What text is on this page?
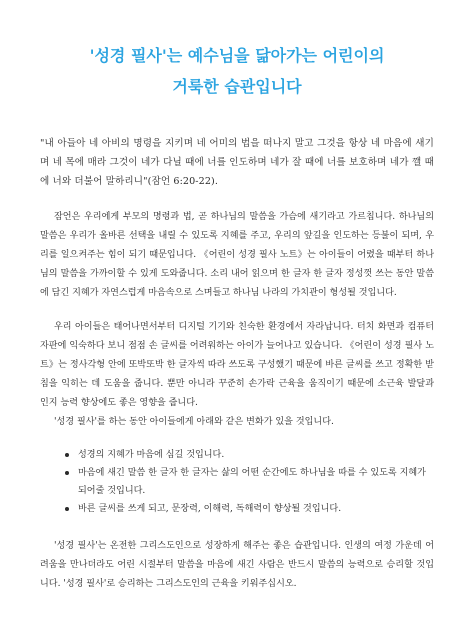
'성경 필사'는 예수님을 닮아가는 어린이의
거룩한 습관입니다
"내 아들아 네 아비의 명령을 지키며 네 어미의 법을 떠나지 말고 그것을 항상 네 마음에 새기며 네 목에 매라 그것이 네가 다닐 때에 너를 인도하며 네가 잘 때에 너를 보호하며 네가 깰 때에 너와 더불어 말하리니"(잠언 6:20-22).
잠언은 우리에게 부모의 명령과 법, 곧 하나님의 말씀을 가슴에 새기라고 가르칩니다. 하나님의 말씀은 우리가 올바른 선택을 내릴 수 있도록 지혜를 주고, 우리의 앞길을 인도하는 등불이 되며, 우리를 일으켜주는 힘이 되기 때문입니다. 《어린이 성경 필사 노트》는 아이들이 어렸을 때부터 하나님의 말씀을 가까이할 수 있게 도와줍니다. 소리 내어 읽으며 한 글자 한 글자 정성껏 쓰는 동안 말씀에 담긴 지혜가 자연스럽게 마음속으로 스며들고 하나님 나라의 가치관이 형성될 것입니다.
우리 아이들은 태어나면서부터 디지털 기기와 친숙한 환경에서 자라납니다. 터치 화면과 컴퓨터 자판에 익숙하다 보니 점점 손 글씨를 어려워하는 아이가 늘어나고 있습니다. 《어린이 성경 필사 노트》는 정사각형 안에 또박또박 한 글자씩 따라 쓰도록 구성했기 때문에 바른 글씨를 쓰고 정확한 받침을 익히는 데 도움을 줍니다. 뿐만 아니라 꾸준히 손가락 근육을 움직이기 때문에 소근육 발달과 인지 능력 향상에도 좋은 영향을 줍니다.
'성경 필사'를 하는 동안 아이들에게 아래와 같은 변화가 있을 것입니다.
성경의 지혜가 마음에 심길 것입니다.
마음에 새긴 말씀 한 글자 한 글자는 삶의 어떤 순간에도 하나님을 따를 수 있도록 지혜가 되어줄 것입니다.
바른 글씨를 쓰게 되고, 문장력, 이해력, 독해력이 향상될 것입니다.
'성경 필사'는 온전한 그리스도인으로 성장하게 해주는 좋은 습관입니다. 인생의 여정 가운데 어려움을 만나더라도 어린 시절부터 말씀을 마음에 새긴 사람은 반드시 말씀의 능력으로 승리할 것입니다. '성경 필사'로 승리하는 그리스도인의 근육을 키워주십시오.
